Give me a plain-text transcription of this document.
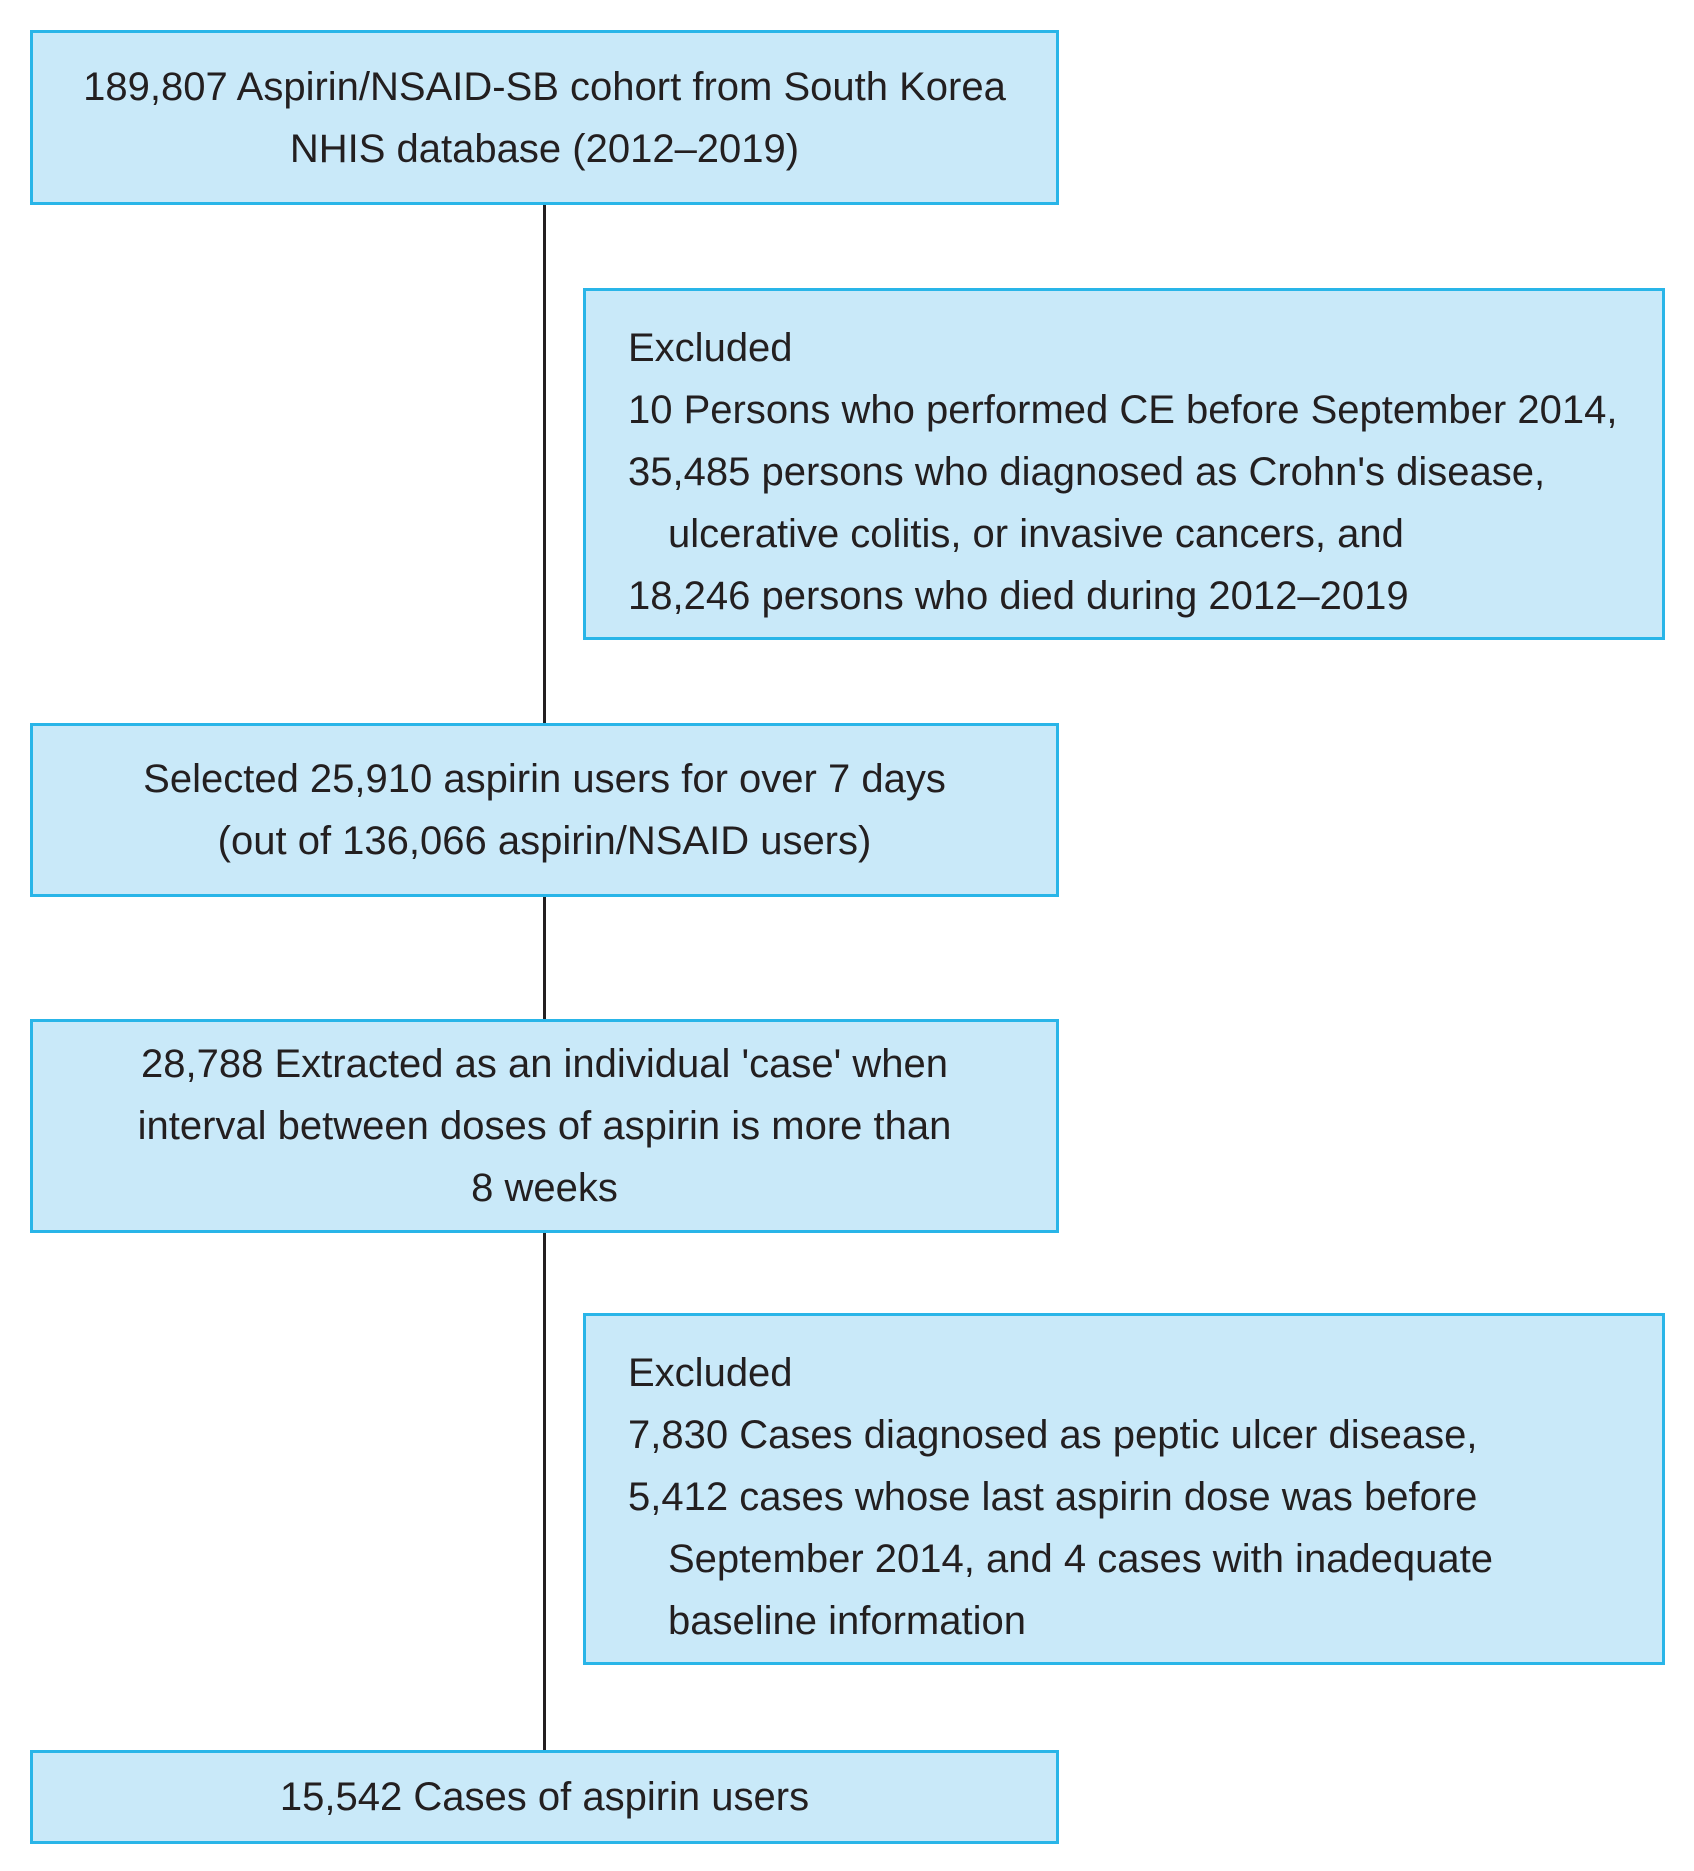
189,807 Aspirin/NSAID-SB cohort from South Korea
NHIS database (2012–2019)
Excluded
10 Persons who performed CE before September 2014,
35,485 persons who diagnosed as Crohn's disease,
ulcerative colitis, or invasive cancers, and
18,246 persons who died during 2012–2019
Selected 25,910 aspirin users for over 7 days
(out of 136,066 aspirin/NSAID users)
28,788 Extracted as an individual 'case' when
interval between doses of aspirin is more than
8 weeks
Excluded
7,830 Cases diagnosed as peptic ulcer disease,
5,412 cases whose last aspirin dose was before
September 2014, and 4 cases with inadequate
baseline information
15,542 Cases of aspirin users
